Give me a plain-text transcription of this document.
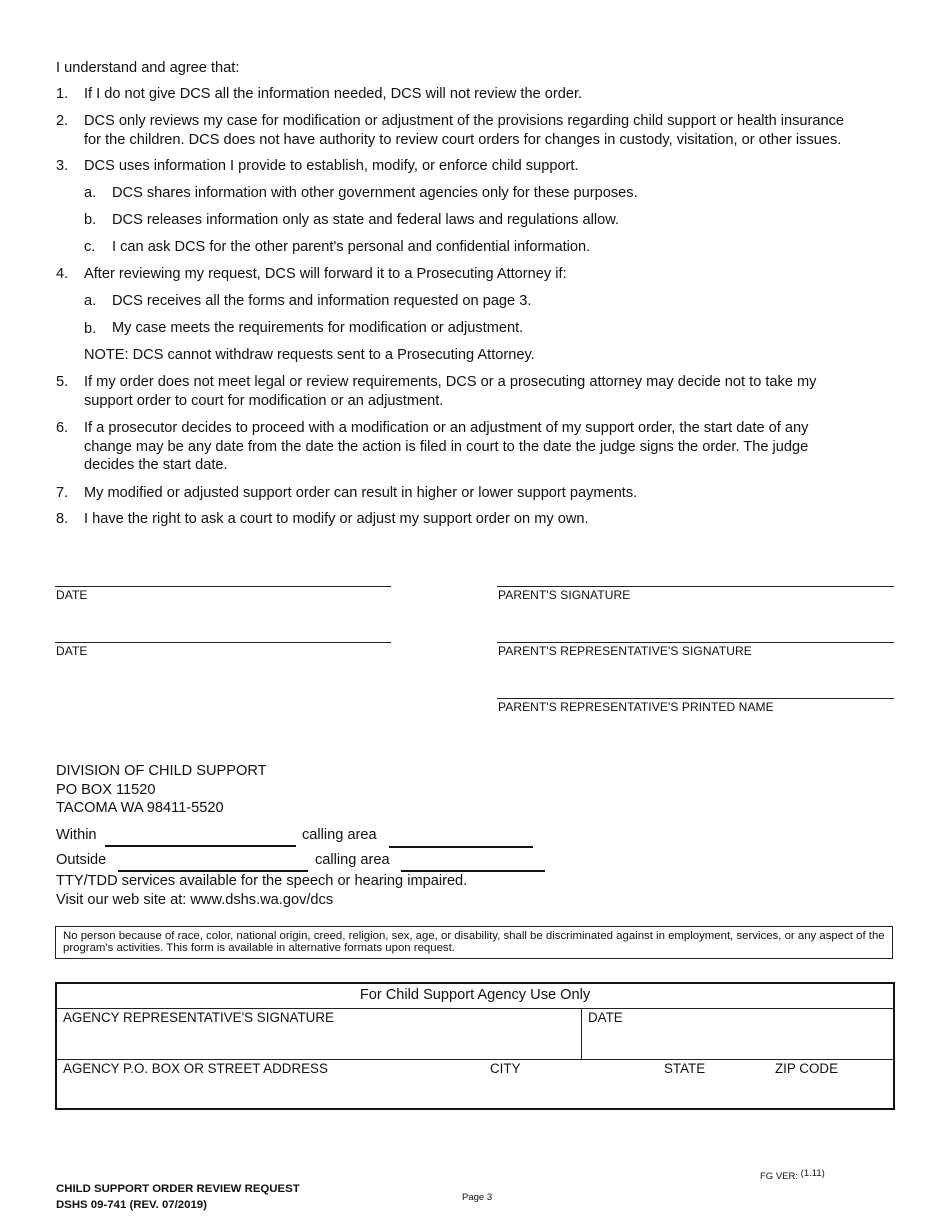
I understand and agree that:
1. If I do not give DCS all the information needed, DCS will not review the order.
2. DCS only reviews my case for modification or adjustment of the provisions regarding child support or health insurance
for the children. DCS does not have authority to review court orders for changes in custody, visitation, or other issues.
3. DCS uses information I provide to establish, modify, or enforce child support.
a. DCS shares information with other government agencies only for these purposes.
b. DCS releases information only as state and federal laws and regulations allow.
c. I can ask DCS for the other parent's personal and confidential information.
4. After reviewing my request, DCS will forward it to a Prosecuting Attorney if:
a. DCS receives all the forms and information requested on page 3.
b. My case meets the requirements for modification or adjustment.
NOTE: DCS cannot withdraw requests sent to a Prosecuting Attorney.
5. If my order does not meet legal or review requirements, DCS or a prosecuting attorney may decide not to take my
support order to court for modification or an adjustment.
6. If a prosecutor decides to proceed with a modification or an adjustment of my support order, the start date of any
change may be any date from the date the action is filed in court to the date the judge signs the order. The judge
decides the start date.
7. My modified or adjusted support order can result in higher or lower support payments.
8. I have the right to ask a court to modify or adjust my support order on my own.
DATE	PARENT'S SIGNATURE
DATE	PARENT'S REPRESENTATIVE'S SIGNATURE
PARENT'S REPRESENTATIVE'S PRINTED NAME
DIVISION OF CHILD SUPPORT
PO BOX 11520
TACOMA WA 98411-5520
Within	calling area
Outside	calling area
TTY/TDD services available for the speech or hearing impaired.
Visit our web site at: www.dshs.wa.gov/dcs
No person because of race, color, national origin, creed, religion, sex, age, or disability, shall be discriminated against in employment, services, or any aspect of the program's activities. This form is available in alternative formats upon request.
For Child Support Agency Use Only
AGENCY REPRESENTATIVE'S SIGNATURE	DATE
AGENCY P.O. BOX OR STREET ADDRESS	CITY	STATE	ZIP CODE
CHILD SUPPORT ORDER REVIEW REQUEST
DSHS 09-741 (REV. 07/2019)
Page 3
FG VER: (1.11)
